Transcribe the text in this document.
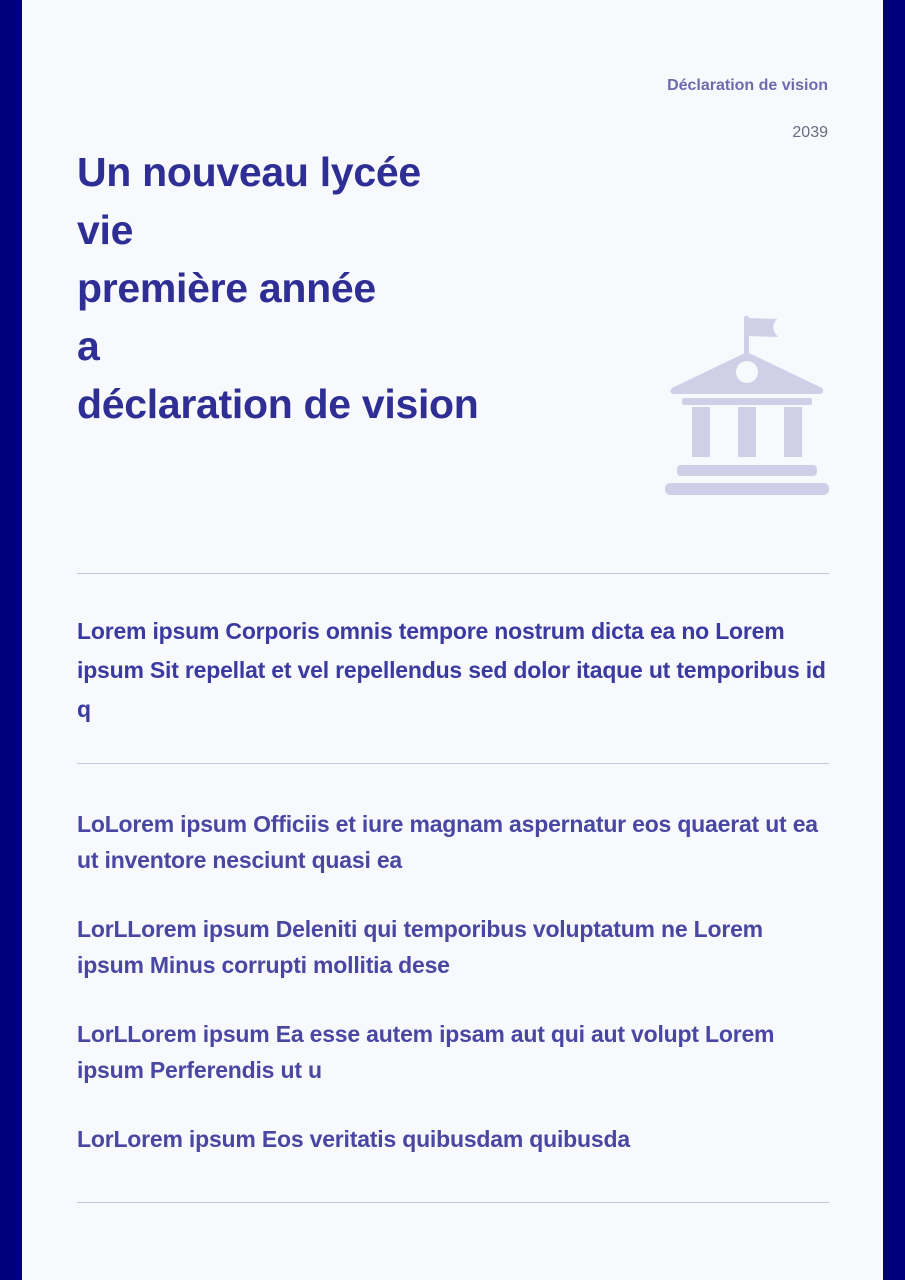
Déclaration de vision

2039

Un nouveau lycée
vie
première année
a
déclaration de vision

Lorem ipsum Corporis omnis tempore nostrum dicta ea no Lorem ipsum Sit repellat et vel repellendus sed dolor itaque ut temporibus id q

LoLorem ipsum Officiis et iure magnam aspernatur eos quaerat ut ea ut inventore nesciunt quasi ea
LorLLorem ipsum Deleniti qui temporibus voluptatum ne Lorem ipsum Minus corrupti mollitia dese
LorLLorem ipsum Ea esse autem ipsam aut qui aut volupt Lorem ipsum Perferendis ut u
LorLorem ipsum Eos veritatis quibusdam quibusda
